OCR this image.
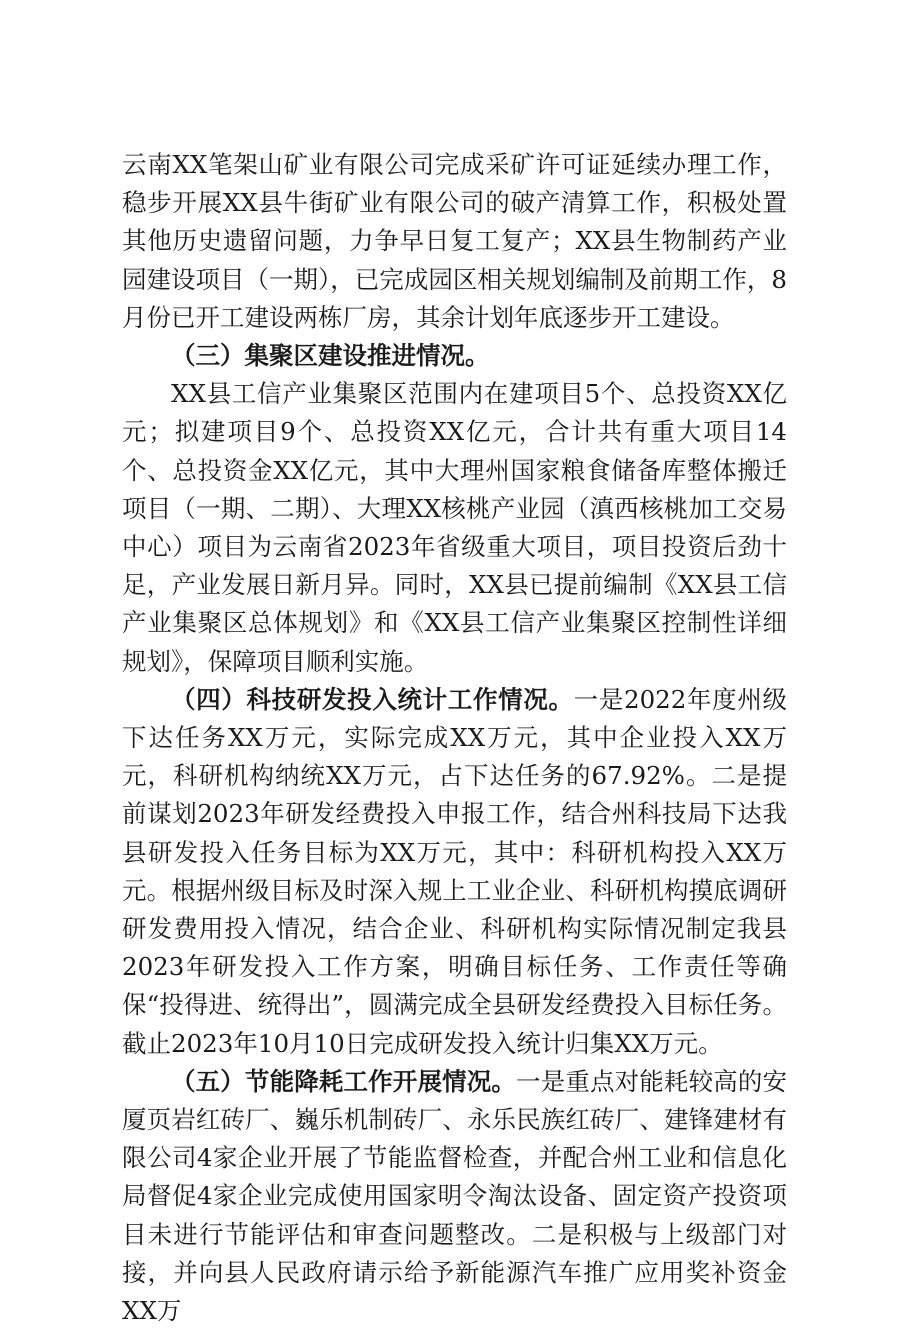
云南XX笔架山矿业有限公司完成采矿许可证延续办理工作，稳步开展XX县牛街矿业有限公司的破产清算工作，积极处置其他历史遗留问题，力争早日复工复产；XX县生物制药产业园建设项目（一期），已完成园区相关规划编制及前期工作，8月份已开工建设两栋厂房，其余计划年底逐步开工建设。

（三）集聚区建设推进情况。

XX县工信产业集聚区范围内在建项目5个、总投资XX亿元；拟建项目9个、总投资XX亿元，合计共有重大项目14个、总投资金XX亿元，其中大理州国家粮食储备库整体搬迁项目（一期、二期）、大理XX核桃产业园（滇西核桃加工交易中心）项目为云南省2023年省级重大项目，项目投资后劲十足，产业发展日新月异。同时，XX县已提前编制《XX县工信产业集聚区总体规划》和《XX县工信产业集聚区控制性详细规划》，保障项目顺利实施。

（四）科技研发投入统计工作情况。一是2022年度州级下达任务XX万元，实际完成XX万元，其中企业投入XX万元，科研机构纳统XX万元，占下达任务的67.92%。二是提前谋划2023年研发经费投入申报工作，结合州科技局下达我县研发投入任务目标为XX万元，其中：科研机构投入XX万元。根据州级目标及时深入规上工业企业、科研机构摸底调研研发费用投入情况，结合企业、科研机构实际情况制定我县2023年研发投入工作方案，明确目标任务、工作责任等确保“投得进、统得出”，圆满完成全县研发经费投入目标任务。截止2023年10月10日完成研发投入统计归集XX万元。

（五）节能降耗工作开展情况。一是重点对能耗较高的安厦页岩红砖厂、巍乐机制砖厂、永乐民族红砖厂、建锋建材有限公司4家企业开展了节能监督检查，并配合州工业和信息化局督促4家企业完成使用国家明令淘汰设备、固定资产投资项目未进行节能评估和审查问题整改。二是积极与上级部门对接，并向县人民政府请示给予新能源汽车推广应用奖补资金XX万
